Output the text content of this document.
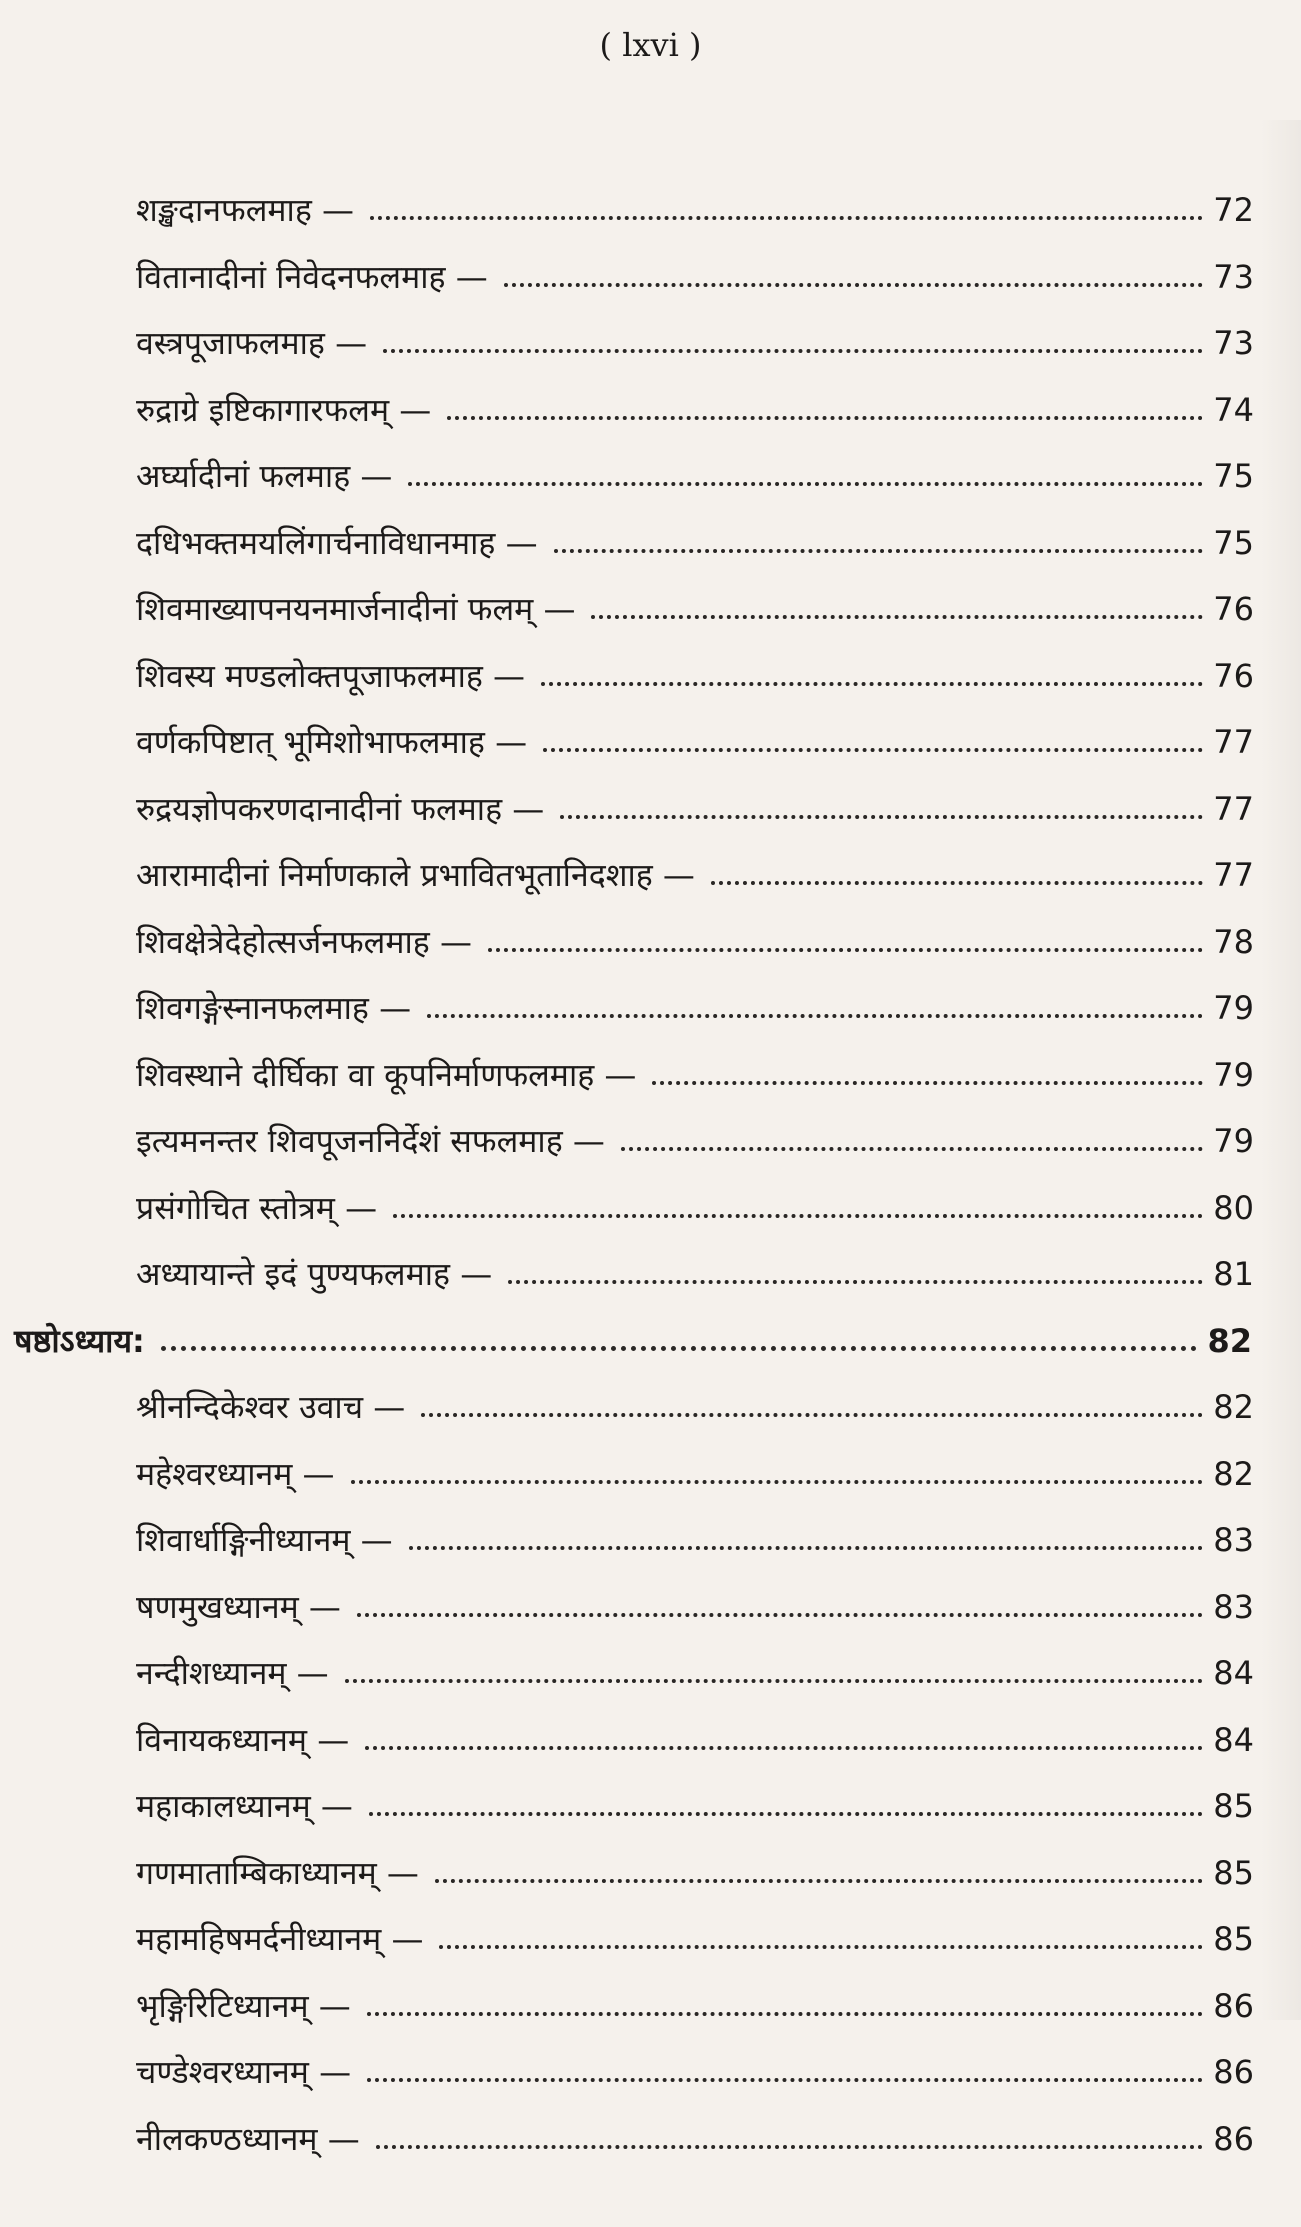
( lxvi )
शङ्खदानफलमाह —	72
वितानादीनां निवेदनफलमाह —	73
वस्त्रपूजाफलमाह —	73
रुद्राग्रे इष्टिकागारफलम् —	74
अर्घ्यादीनां फलमाह —	75
दधिभक्तमयलिंगार्चनाविधानमाह —	75
शिवमाख्यापनयनमार्जनादीनां फलम् —	76
शिवस्य मण्डलोक्तपूजाफलमाह —	76
वर्णकपिष्टात् भूमिशोभाफलमाह —	77
रुद्रयज्ञोपकरणदानादीनां फलमाह —	77
आरामादीनां निर्माणकाले प्रभावितभूतानिदशाह —	77
शिवक्षेत्रेदेहोत्सर्जनफलमाह —	78
शिवगङ्गेस्नानफलमाह —	79
शिवस्थाने दीर्घिका वा कूपनिर्माणफलमाह —	79
इत्यमनन्तर शिवपूजननिर्देशं सफलमाह —	79
प्रसंगोचित स्तोत्रम् —	80
अध्यायान्ते इदं पुण्यफलमाह —	81
षष्ठोऽध्याय:	82
श्रीनन्दिकेश्वर उवाच —	82
महेश्वरध्यानम् —	82
शिवार्धाङ्गिनीध्यानम् —	83
षणमुखध्यानम् —	83
नन्दीशध्यानम् —	84
विनायकध्यानम् —	84
महाकालध्यानम् —	85
गणमाताम्बिकाध्यानम् —	85
महामहिषमर्दनीध्यानम् —	85
भृङ्गिरिटिध्यानम् —	86
चण्डेश्वरध्यानम् —	86
नीलकण्ठध्यानम् —	86
